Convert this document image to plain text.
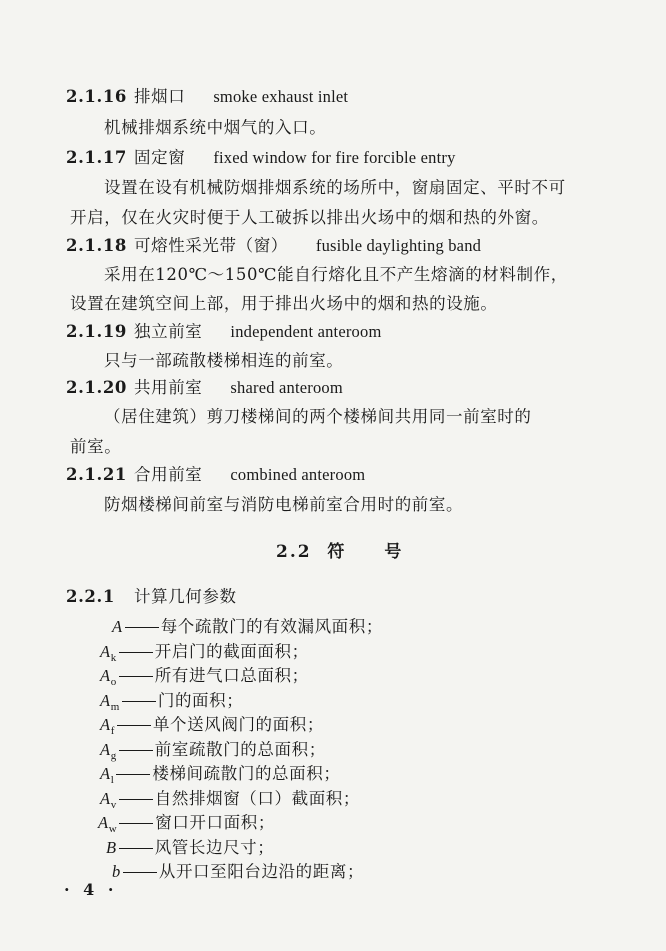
2.1.16 排烟口 smoke exhaust inlet
机械排烟系统中烟气的入口。
2.1.17 固定窗 fixed window for fire forcible entry
设置在设有机械防烟排烟系统的场所中，窗扇固定、平时不可
开启，仅在火灾时便于人工破拆以排出火场中的烟和热的外窗。
2.1.18 可熔性采光带（窗） fusible daylighting band
采用在120℃～150℃能自行熔化且不产生熔滴的材料制作，
设置在建筑空间上部，用于排出火场中的烟和热的设施。
2.1.19 独立前室 independent anteroom
只与一部疏散楼梯相连的前室。
2.1.20 共用前室 shared anteroom
（居住建筑）剪刀楼梯间的两个楼梯间共用同一前室时的
前室。
2.1.21 合用前室 combined anteroom
防烟楼梯间前室与消防电梯前室合用时的前室。
2.2 符　　号
2.2.1 计算几何参数
· 4 ·
A 每个疏散门的有效漏风面积；
$A_k$ 开启门的截面面积；
$A_o$ 所有进气口总面积；
$A_m$ 门的面积；
$A_f$ 单个送风阀门的面积；
$A_g$ 前室疏散门的总面积；
$A_l$ 楼梯间疏散门的总面积；
$A_v$ 自然排烟窗（口）截面积；
$A_w$ 窗口开口面积；
B 风管长边尺寸；
b 从开口至阳台边沿的距离；
